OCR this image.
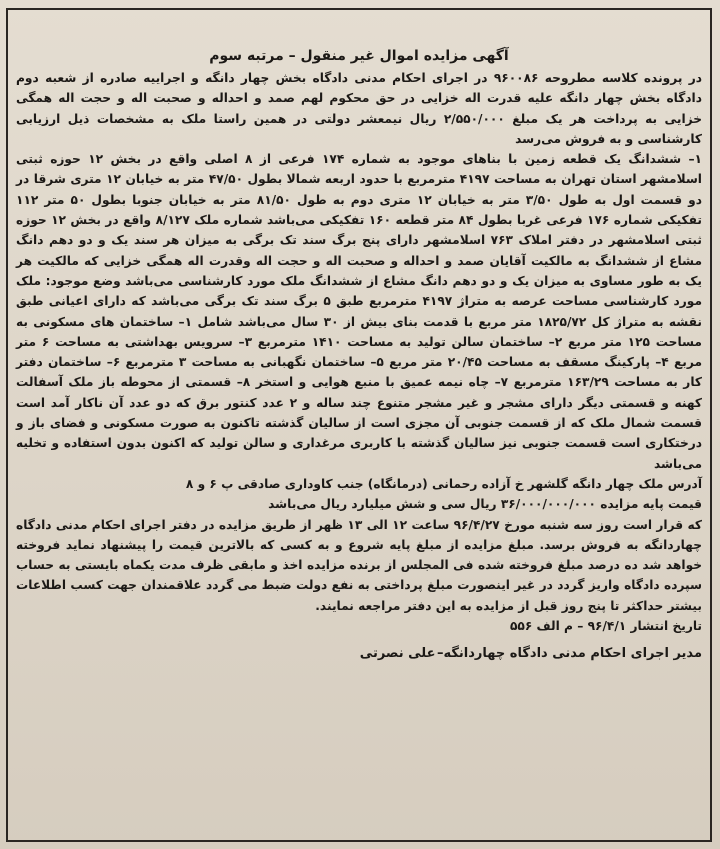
آگهی مزایده اموال غیر منقول – مرتبه سوم

در پرونده کلاسه مطروحه ۹۶۰۰۸۶ در اجرای احکام مدنی دادگاه بخش چهار دانگه و اجراییه صادره از شعبه دوم دادگاه بخش چهار دانگه علیه قدرت اله خزایی در حق محکوم لهم صمد و احداله و صحبت اله و حجت اله همگی خزایی به پرداخت هر یک مبلغ ۲/۵۵۰/۰۰۰ ریال نیمعشر دولتی در همین راستا ملک به مشخصات ذیل ارزیابی کارشناسی و به فروش می‌رسد

۱– ششدانگ یک قطعه زمین با بناهای موجود به شماره ۱۷۴ فرعی از ۸ اصلی واقع در بخش ۱۲ حوزه ثبتی اسلامشهر استان تهران به مساحت ۴۱۹۷ مترمربع با حدود اربعه شمالا بطول ۴۷/۵۰ متر به خیابان ۱۲ متری شرقا در دو قسمت اول به طول ۳/۵۰ متر به خیابان ۱۲ متری دوم به طول ۸۱/۵۰ متر به خیابان جنوبا بطول ۵۰ متر ۱۱۲ تفکیکی شماره ۱۷۶ فرعی غربا بطول ۸۴ متر قطعه ۱۶۰ تفکیکی می‌باشد شماره ملک ۸/۱۲۷ واقع در بخش ۱۲ حوزه ثبتی اسلامشهر در دفتر املاک ۷۶۳ اسلامشهر دارای پنج برگ سند تک برگی به میزان هر سند یک و دو دهم دانگ مشاع از ششدانگ به مالکیت آقایان صمد و احداله و صحبت اله و حجت اله وقدرت اله همگی خزایی که مالکیت هر یک به طور مساوی به میزان یک و دو دهم دانگ مشاع از ششدانگ ملک مورد کارشناسی می‌باشد وضع موجود: ملک مورد کارشناسی مساحت عرصه به متراژ ۴۱۹۷ مترمربع طبق ۵ برگ سند تک برگی می‌باشد که دارای اعیانی طبق نقشه به متراژ کل ۱۸۲۵/۷۲ متر مربع با قدمت بنای بیش از ۳۰ سال می‌باشد شامل ۱– ساختمان های مسکونی به مساحت ۱۲۵ متر مربع ۲– ساختمان سالن تولید به مساحت ۱۴۱۰ مترمربع ۳– سرویس بهداشتی به مساحت ۶ متر مربع ۴– پارکینگ مسقف به مساحت ۲۰/۴۵ متر مربع ۵– ساختمان نگهبانی به مساحت ۳ مترمربع ۶– ساختمان دفتر کار به مساحت ۱۶۳/۲۹ مترمربع ۷– چاه نیمه عمیق با منبع هوایی و استخر ۸– قسمتی از محوطه باز ملک آسفالت کهنه و قسمتی دیگر دارای مشجر و غیر مشجر متنوع چند ساله و ۲ عدد کنتور برق که دو عدد آن ناکار آمد است قسمت شمال ملک که از قسمت جنوبی آن مجزی است از سالیان گذشته تاکنون به صورت مسکونی و فضای باز و درختکاری است قسمت جنوبی نیز سالیان گذشته با کاربری مرغداری و سالن تولید که اکنون بدون استفاده و تخلیه می‌باشد

آدرس ملک چهار دانگه گلشهر خ آزاده رحمانی (درمانگاه) جنب کاوداری صادقی پ ۶ و ۸

قیمت پایه مزایده ۳۶/۰۰۰/۰۰۰/۰۰۰ ریال سی و شش میلیارد ریال می‌باشد

که قرار است روز سه شنبه مورخ ۹۶/۴/۲۷ ساعت ۱۲ الی ۱۳ ظهر از طریق مزایده در دفتر اجرای احکام مدنی دادگاه چهاردانگه به فروش برسد. مبلغ مزایده از مبلغ پایه شروع و به کسی که بالاترین قیمت را پیشنهاد نماید فروخته خواهد شد ده درصد مبلغ فروخته شده فی المجلس از برنده مزایده اخذ و مابقی ظرف مدت یکماه بایستی به حساب سپرده دادگاه واریز گردد در غیر اینصورت مبلغ پرداختی به نفع دولت ضبط می گردد علاقمندان جهت کسب اطلاعات بیشتر حداکثر تا پنج روز قبل از مزایده به این دفتر مراجعه نمایند.

تاریخ انتشار ۹۶/۴/۱ – م الف ۵۵۶
مدیر اجرای احکام مدنی دادگاه چهاردانگه–علی نصرتی
